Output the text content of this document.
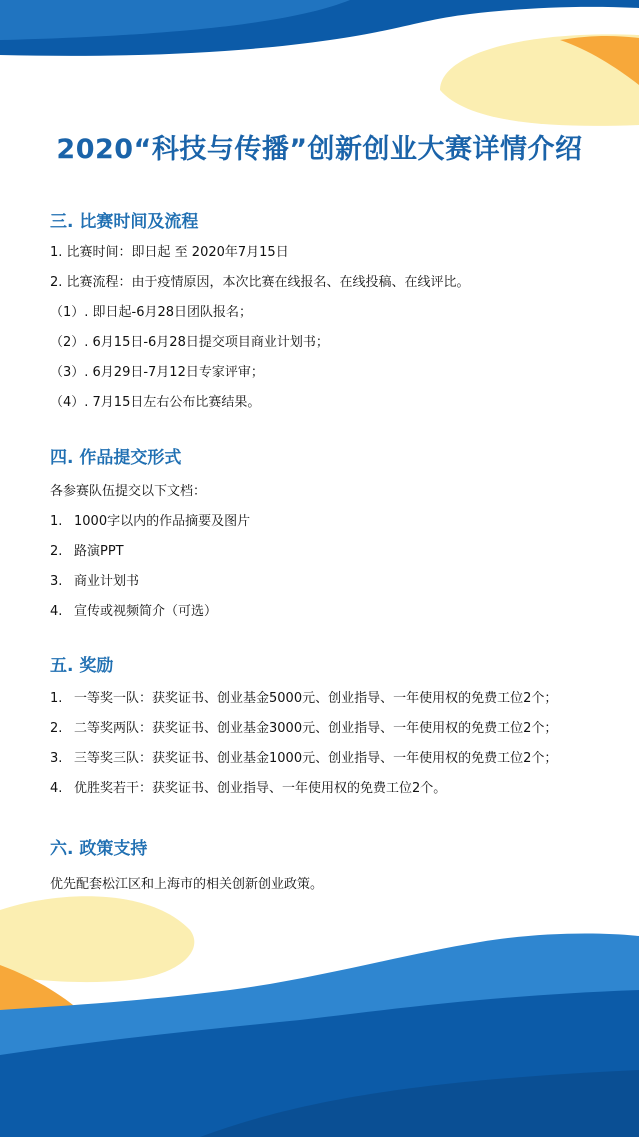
2020“科技与传播”创新创业大赛详情介绍
三. 比赛时间及流程
1. 比赛时间：即日起 至 2020年7月15日
2. 比赛流程：由于疫情原因，本次比赛在线报名、在线投稿、在线评比。
（1）. 即日起-6月28日团队报名；
（2）. 6月15日-6月28日提交项目商业计划书；
（3）. 6月29日-7月12日专家评审；
（4）. 7月15日左右公布比赛结果。
四. 作品提交形式
各参赛队伍提交以下文档：
1. 1000字以内的作品摘要及图片
2. 路演PPT
3. 商业计划书
4. 宣传或视频简介（可选）
五. 奖励
1. 一等奖一队：获奖证书、创业基金5000元、创业指导、一年使用权的免费工位2个；
2. 二等奖两队：获奖证书、创业基金3000元、创业指导、一年使用权的免费工位2个；
3. 三等奖三队：获奖证书、创业基金1000元、创业指导、一年使用权的免费工位2个；
4. 优胜奖若干：获奖证书、创业指导、一年使用权的免费工位2个。
六. 政策支持
优先配套松江区和上海市的相关创新创业政策。
